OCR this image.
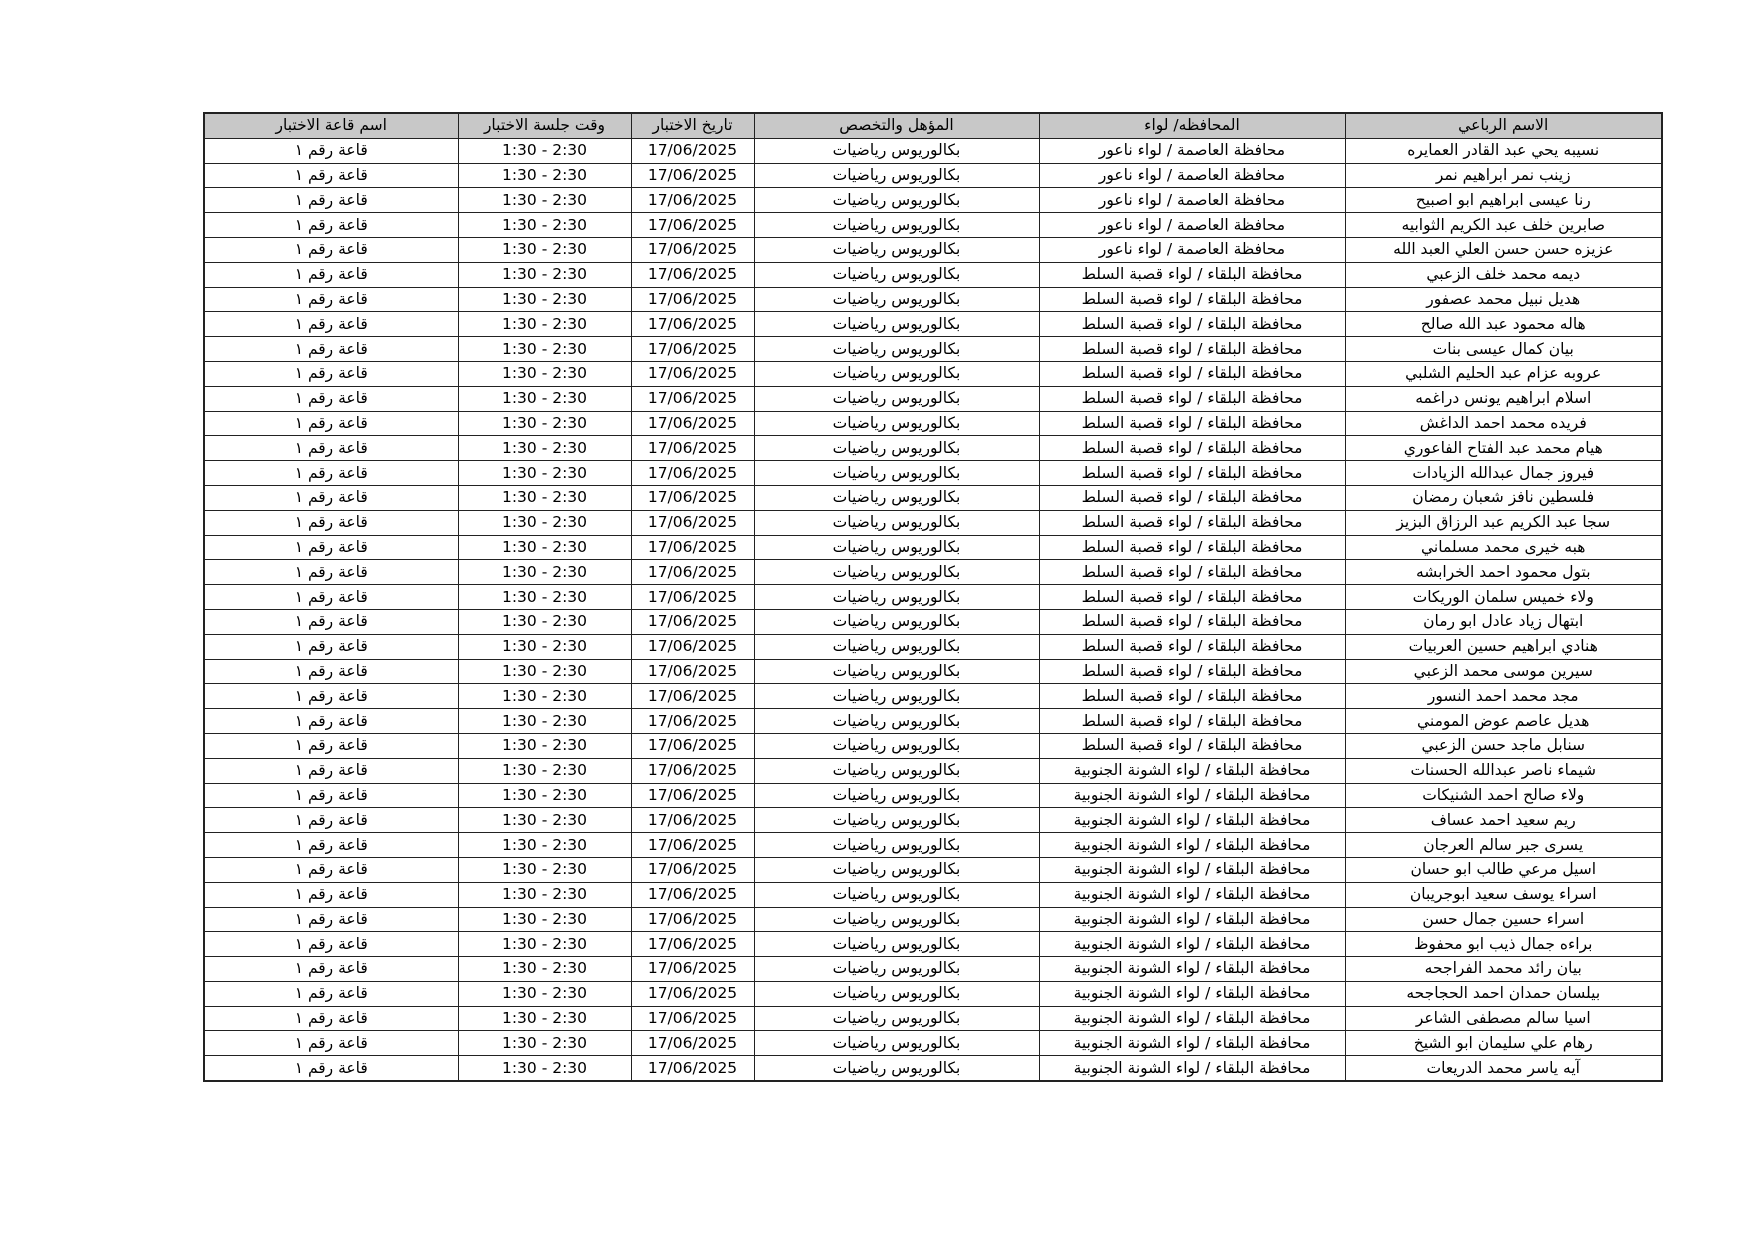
اسم قاعة الاختبار	وقت جلسة الاختبار	تاريخ الاختبار	المؤهل والتخصص	المحافظه/ لواء	الاسم الرباعي
قاعة رقم ١	1:30 - 2:30	17/06/2025	بكالوريوس رياضيات	محافظة العاصمة / لواء ناعور	نسيبه يحي عبد القادر العمايره
قاعة رقم ١	1:30 - 2:30	17/06/2025	بكالوريوس رياضيات	محافظة العاصمة / لواء ناعور	زينب نمر ابراهيم نمر
قاعة رقم ١	1:30 - 2:30	17/06/2025	بكالوريوس رياضيات	محافظة العاصمة / لواء ناعور	رنا عيسى ابراهيم ابو اصبيح
قاعة رقم ١	1:30 - 2:30	17/06/2025	بكالوريوس رياضيات	محافظة العاصمة / لواء ناعور	صابرين خلف عبد الكريم الثوابيه
قاعة رقم ١	1:30 - 2:30	17/06/2025	بكالوريوس رياضيات	محافظة العاصمة / لواء ناعور	عزيزه حسن حسن العلي العبد الله
قاعة رقم ١	1:30 - 2:30	17/06/2025	بكالوريوس رياضيات	محافظة البلقاء / لواء قصبة السلط	ديمه محمد خلف الزعبي
قاعة رقم ١	1:30 - 2:30	17/06/2025	بكالوريوس رياضيات	محافظة البلقاء / لواء قصبة السلط	هديل نبيل محمد عصفور
قاعة رقم ١	1:30 - 2:30	17/06/2025	بكالوريوس رياضيات	محافظة البلقاء / لواء قصبة السلط	هاله محمود عبد الله صالح
قاعة رقم ١	1:30 - 2:30	17/06/2025	بكالوريوس رياضيات	محافظة البلقاء / لواء قصبة السلط	بيان كمال عيسى بنات
قاعة رقم ١	1:30 - 2:30	17/06/2025	بكالوريوس رياضيات	محافظة البلقاء / لواء قصبة السلط	عروبه عزام عبد الحليم الشلبي
قاعة رقم ١	1:30 - 2:30	17/06/2025	بكالوريوس رياضيات	محافظة البلقاء / لواء قصبة السلط	اسلام ابراهيم يونس دراغمه
قاعة رقم ١	1:30 - 2:30	17/06/2025	بكالوريوس رياضيات	محافظة البلقاء / لواء قصبة السلط	فريده محمد احمد الداغش
قاعة رقم ١	1:30 - 2:30	17/06/2025	بكالوريوس رياضيات	محافظة البلقاء / لواء قصبة السلط	هيام محمد عبد الفتاح الفاعوري
قاعة رقم ١	1:30 - 2:30	17/06/2025	بكالوريوس رياضيات	محافظة البلقاء / لواء قصبة السلط	فيروز جمال عبدالله الزيادات
قاعة رقم ١	1:30 - 2:30	17/06/2025	بكالوريوس رياضيات	محافظة البلقاء / لواء قصبة السلط	فلسطين نافز شعبان رمضان
قاعة رقم ١	1:30 - 2:30	17/06/2025	بكالوريوس رياضيات	محافظة البلقاء / لواء قصبة السلط	سجا عبد الكريم عبد الرزاق البزيز
قاعة رقم ١	1:30 - 2:30	17/06/2025	بكالوريوس رياضيات	محافظة البلقاء / لواء قصبة السلط	هبه خيرى محمد مسلماني
قاعة رقم ١	1:30 - 2:30	17/06/2025	بكالوريوس رياضيات	محافظة البلقاء / لواء قصبة السلط	بتول محمود احمد الخرابشه
قاعة رقم ١	1:30 - 2:30	17/06/2025	بكالوريوس رياضيات	محافظة البلقاء / لواء قصبة السلط	ولاء خميس سلمان الوريكات
قاعة رقم ١	1:30 - 2:30	17/06/2025	بكالوريوس رياضيات	محافظة البلقاء / لواء قصبة السلط	ابتهال زياد عادل ابو رمان
قاعة رقم ١	1:30 - 2:30	17/06/2025	بكالوريوس رياضيات	محافظة البلقاء / لواء قصبة السلط	هنادي ابراهيم حسين العربيات
قاعة رقم ١	1:30 - 2:30	17/06/2025	بكالوريوس رياضيات	محافظة البلقاء / لواء قصبة السلط	سيرين موسى محمد الزعبي
قاعة رقم ١	1:30 - 2:30	17/06/2025	بكالوريوس رياضيات	محافظة البلقاء / لواء قصبة السلط	مجد محمد احمد النسور
قاعة رقم ١	1:30 - 2:30	17/06/2025	بكالوريوس رياضيات	محافظة البلقاء / لواء قصبة السلط	هديل عاصم عوض المومني
قاعة رقم ١	1:30 - 2:30	17/06/2025	بكالوريوس رياضيات	محافظة البلقاء / لواء قصبة السلط	سنابل ماجد حسن الزعبي
قاعة رقم ١	1:30 - 2:30	17/06/2025	بكالوريوس رياضيات	محافظة البلقاء / لواء الشونة الجنوبية	شيماء ناصر عبدالله الحسنات
قاعة رقم ١	1:30 - 2:30	17/06/2025	بكالوريوس رياضيات	محافظة البلقاء / لواء الشونة الجنوبية	ولاء صالح احمد الشنيكات
قاعة رقم ١	1:30 - 2:30	17/06/2025	بكالوريوس رياضيات	محافظة البلقاء / لواء الشونة الجنوبية	ريم سعيد احمد عساف
قاعة رقم ١	1:30 - 2:30	17/06/2025	بكالوريوس رياضيات	محافظة البلقاء / لواء الشونة الجنوبية	يسرى جبر سالم العرجان
قاعة رقم ١	1:30 - 2:30	17/06/2025	بكالوريوس رياضيات	محافظة البلقاء / لواء الشونة الجنوبية	اسيل مرعي طالب ابو حسان
قاعة رقم ١	1:30 - 2:30	17/06/2025	بكالوريوس رياضيات	محافظة البلقاء / لواء الشونة الجنوبية	اسراء يوسف سعيد ابوجريبان
قاعة رقم ١	1:30 - 2:30	17/06/2025	بكالوريوس رياضيات	محافظة البلقاء / لواء الشونة الجنوبية	اسراء حسين جمال حسن
قاعة رقم ١	1:30 - 2:30	17/06/2025	بكالوريوس رياضيات	محافظة البلقاء / لواء الشونة الجنوبية	براءه جمال ذيب ابو محفوظ
قاعة رقم ١	1:30 - 2:30	17/06/2025	بكالوريوس رياضيات	محافظة البلقاء / لواء الشونة الجنوبية	بيان رائد محمد الفراجحه
قاعة رقم ١	1:30 - 2:30	17/06/2025	بكالوريوس رياضيات	محافظة البلقاء / لواء الشونة الجنوبية	بيلسان حمدان احمد الحجاجحه
قاعة رقم ١	1:30 - 2:30	17/06/2025	بكالوريوس رياضيات	محافظة البلقاء / لواء الشونة الجنوبية	اسيا سالم مصطفى الشاعر
قاعة رقم ١	1:30 - 2:30	17/06/2025	بكالوريوس رياضيات	محافظة البلقاء / لواء الشونة الجنوبية	رهام علي سليمان ابو الشيخ
قاعة رقم ١	1:30 - 2:30	17/06/2025	بكالوريوس رياضيات	محافظة البلقاء / لواء الشونة الجنوبية	آيه ياسر محمد الدريعات
